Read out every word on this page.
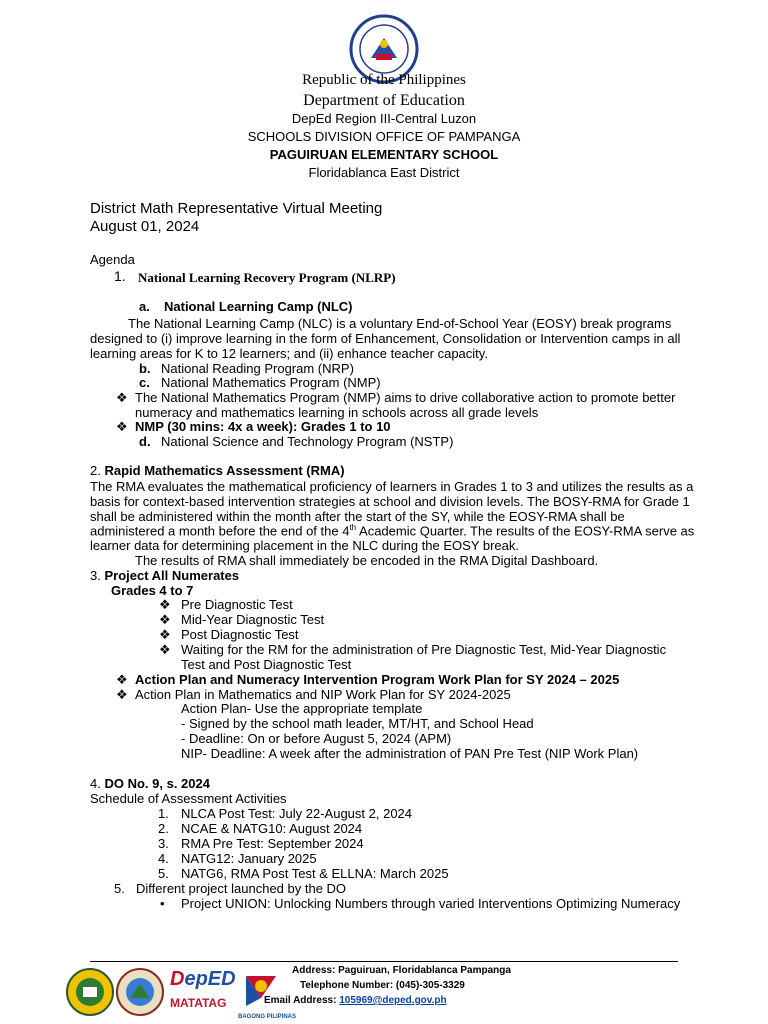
Republic of the Philippines
Department of Education
DepEd Region III-Central Luzon
SCHOOLS DIVISION OFFICE OF PAMPANGA
PAGUIRUAN ELEMENTARY SCHOOL
Floridablanca East District
District Math Representative Virtual Meeting
August 01, 2024
Agenda
1. National Learning Recovery Program (NLRP)
a. National Learning Camp (NLC)
The National Learning Camp (NLC) is a voluntary End-of-School Year (EOSY) break programs
designed to (i) improve learning in the form of Enhancement, Consolidation or Intervention camps in all
learning areas for K to 12 learners; and (ii) enhance teacher capacity.
b. National Reading Program (NRP)
c. National Mathematics Program (NMP)
❖ The National Mathematics Program (NMP) aims to drive collaborative action to promote better
numeracy and mathematics learning in schools across all grade levels
❖ NMP (30 mins: 4x a week): Grades 1 to 10
d. National Science and Technology Program (NSTP)
2. Rapid Mathematics Assessment (RMA)
The RMA evaluates the mathematical proficiency of learners in Grades 1 to 3 and utilizes the results as a
basis for context-based intervention strategies at school and division levels. The BOSY-RMA for Grade 1
shall be administered within the month after the start of the SY, while the EOSY-RMA shall be
administered a month before the end of the 4th Academic Quarter. The results of the EOSY-RMA serve as
learner data for determining placement in the NLC during the EOSY break.
The results of RMA shall immediately be encoded in the RMA Digital Dashboard.
3. Project All Numerates
Grades 4 to 7
❖ Pre Diagnostic Test
❖ Mid-Year Diagnostic Test
❖ Post Diagnostic Test
❖ Waiting for the RM for the administration of Pre Diagnostic Test, Mid-Year Diagnostic
Test and Post Diagnostic Test
❖ Action Plan and Numeracy Intervention Program Work Plan for SY 2024 – 2025
❖ Action Plan in Mathematics and NIP Work Plan for SY 2024-2025
Action Plan- Use the appropriate template
- Signed by the school math leader, MT/HT, and School Head
- Deadline: On or before August 5, 2024 (APM)
NIP- Deadline: A week after the administration of PAN Pre Test (NIP Work Plan)
4. DO No. 9, s. 2024
Schedule of Assessment Activities
1. NLCA Post Test: July 22-August 2, 2024
2. NCAE & NATG10: August 2024
3. RMA Pre Test: September 2024
4. NATG12: January 2025
5. NATG6, RMA Post Test & ELLNA: March 2025
5. Different project launched by the DO
• Project UNION: Unlocking Numbers through varied Interventions Optimizing Numeracy
DepED
MATATAG
BAGONG PILIPINAS
Address: Paguiruan, Floridablanca Pampanga
Telephone Number: (045)-305-3329
Email Address: 105969@deped.gov.ph
